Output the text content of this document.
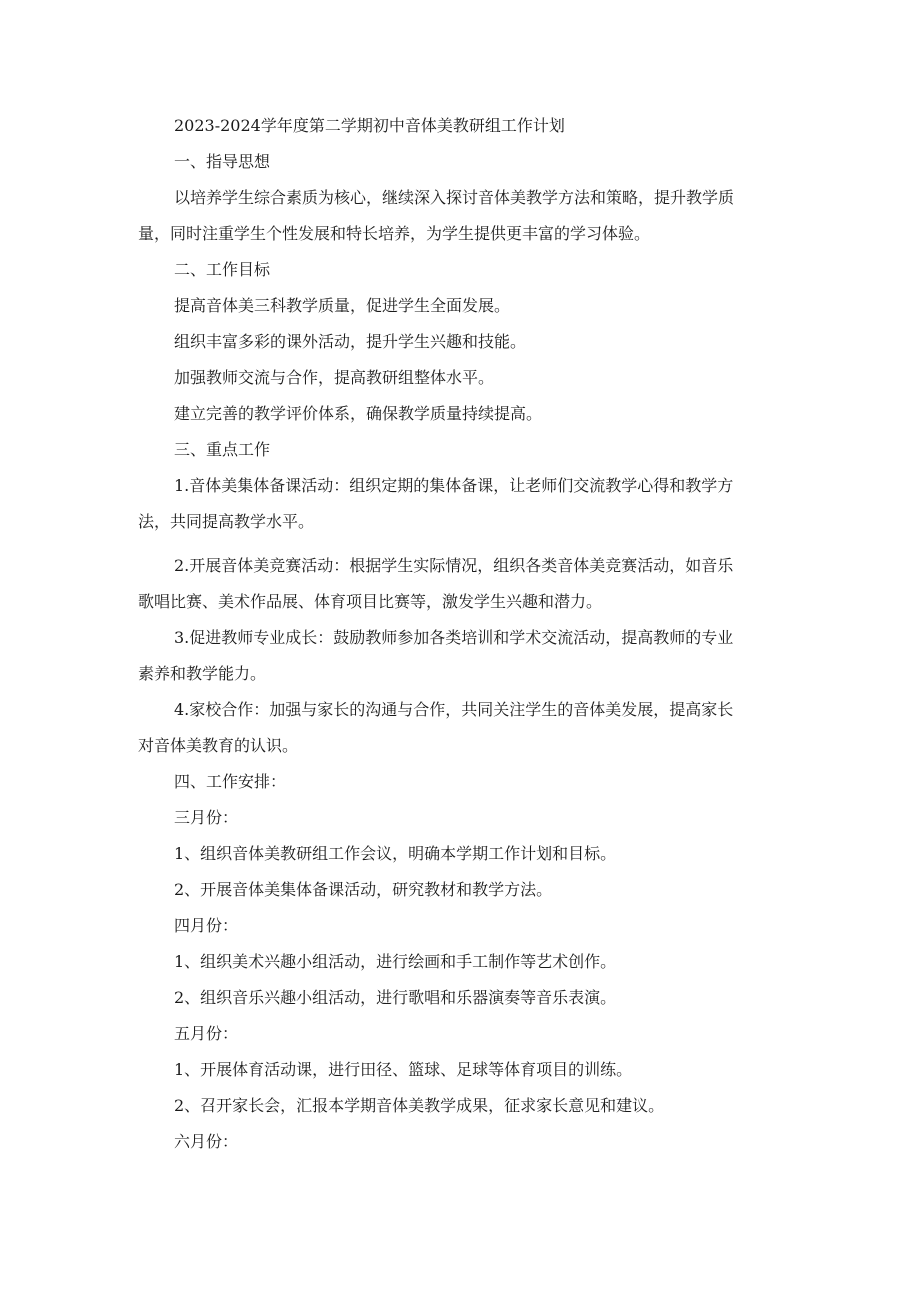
2023-2024学年度第二学期初中音体美教研组工作计划
一、指导思想
以培养学生综合素质为核心，继续深入探讨音体美教学方法和策略，提升教学质
量，同时注重学生个性发展和特长培养，为学生提供更丰富的学习体验。
二、工作目标
提高音体美三科教学质量，促进学生全面发展。
组织丰富多彩的课外活动，提升学生兴趣和技能。
加强教师交流与合作，提高教研组整体水平。
建立完善的教学评价体系，确保教学质量持续提高。
三、重点工作
1.音体美集体备课活动：组织定期的集体备课，让老师们交流教学心得和教学方
法，共同提高教学水平。
2.开展音体美竞赛活动：根据学生实际情况，组织各类音体美竞赛活动，如音乐
歌唱比赛、美术作品展、体育项目比赛等，激发学生兴趣和潜力。
3.促进教师专业成长：鼓励教师参加各类培训和学术交流活动，提高教师的专业
素养和教学能力。
4.家校合作：加强与家长的沟通与合作，共同关注学生的音体美发展，提高家长
对音体美教育的认识。
四、工作安排：
三月份：
1、组织音体美教研组工作会议，明确本学期工作计划和目标。
2、开展音体美集体备课活动，研究教材和教学方法。
四月份：
1、组织美术兴趣小组活动，进行绘画和手工制作等艺术创作。
2、组织音乐兴趣小组活动，进行歌唱和乐器演奏等音乐表演。
五月份：
1、开展体育活动课，进行田径、篮球、足球等体育项目的训练。
2、召开家长会，汇报本学期音体美教学成果，征求家长意见和建议。
六月份：
